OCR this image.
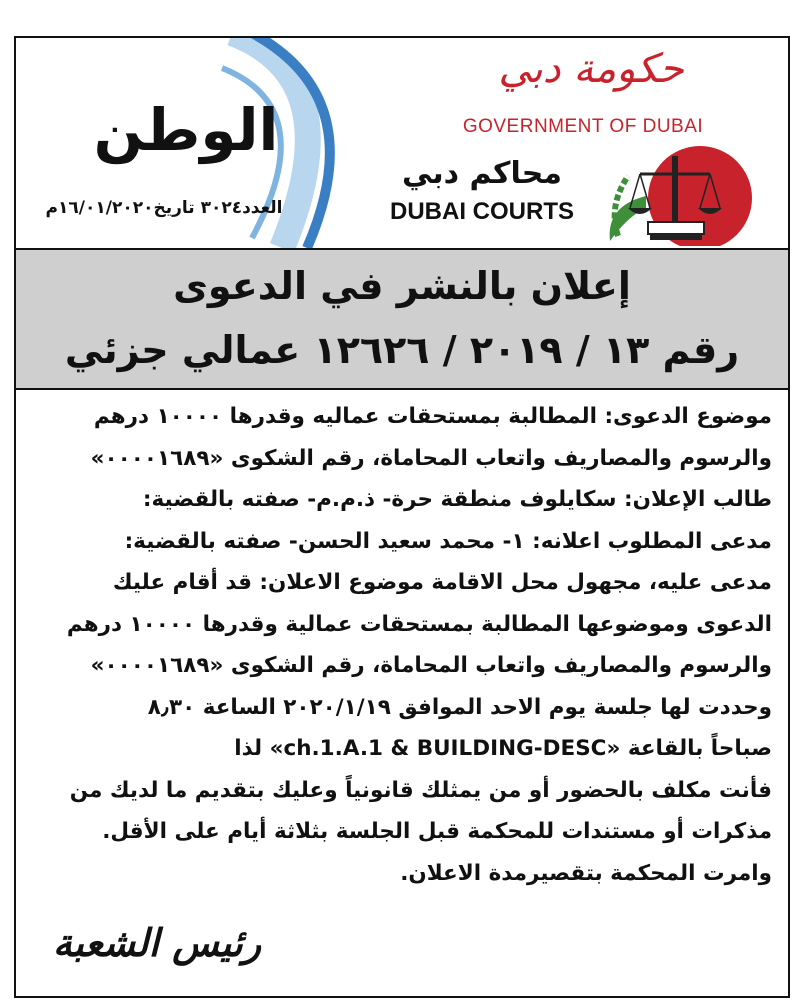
حكومة دبي
GOVERNMENT OF DUBAI
محاكم دبي
DUBAI COURTS
الوطن
العدد٣٠٢٤ تاريخ١٦/٠١/٢٠٢٠م
إعلان بالنشر في الدعوى
رقم ١٣ / ٢٠١٩ / ١٢٦٢٦ عمالي جزئي
موضوع الدعوى: المطالبة بمستحقات عماليه وقدرها ١٠٠٠٠ درهم
والرسوم والمصاريف واتعاب المحاماة، رقم الشكوى «٠٠٠٠١٦٨٩»
طالب الإعلان: سكايلوف منطقة حرة- ذ.م.م- صفته بالقضية:
مدعى المطلوب اعلانه: ١- محمد سعيد الحسن- صفته بالقضية:
مدعى عليه، مجهول محل الاقامة موضوع الاعلان: قد أقام عليك
الدعوى وموضوعها المطالبة بمستحقات عمالية وقدرها ١٠٠٠٠ درهم
والرسوم والمصاريف واتعاب المحاماة، رقم الشكوى «٠٠٠٠١٦٨٩»
وحددت لها جلسة يوم الاحد الموافق ٢٠٢٠/١/١٩ الساعة ٨٫٣٠
صباحاً بالقاعة «ch.1.A.1 & BUILDING-DESC» لذا
فأنت مكلف بالحضور أو من يمثلك قانونياً وعليك بتقديم ما لديك من
مذكرات أو مستندات للمحكمة قبل الجلسة بثلاثة أيام على الأقل.
وامرت المحكمة بتقصيرمدة الاعلان.
رئيس الشعبة
